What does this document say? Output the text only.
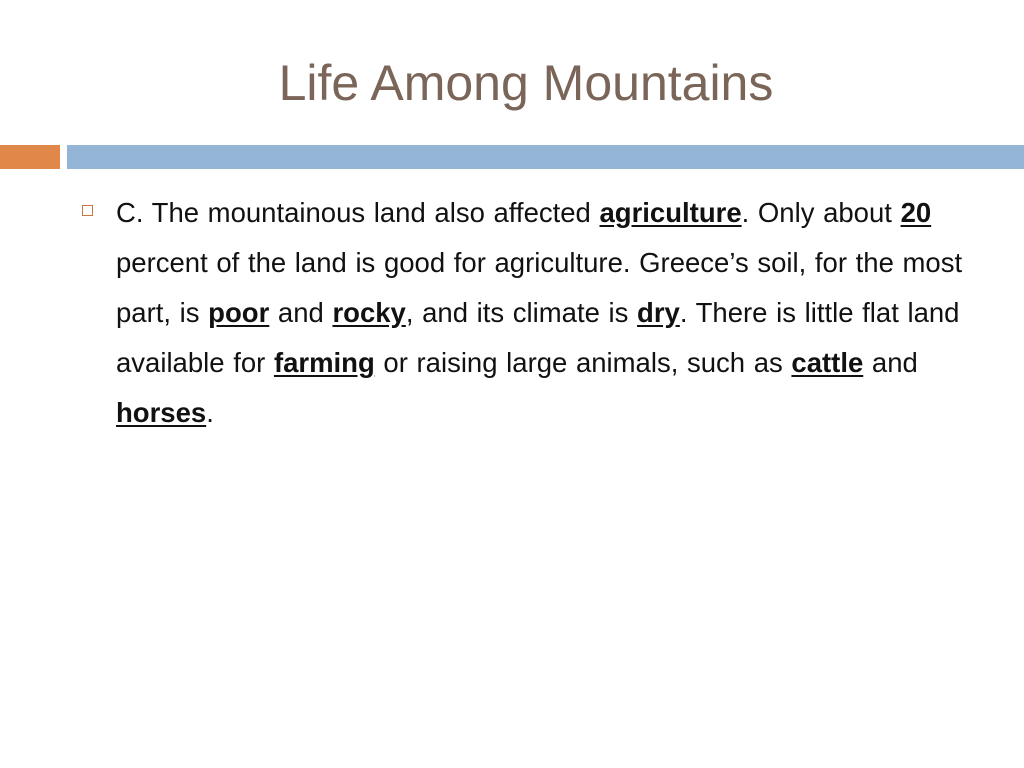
Life Among Mountains

C. The mountainous land also affected agriculture. Only about 20 percent of the land is good for agriculture. Greece’s soil, for the most part, is poor and rocky, and its climate is dry. There is little flat land available for farming or raising large animals, such as cattle and horses.
